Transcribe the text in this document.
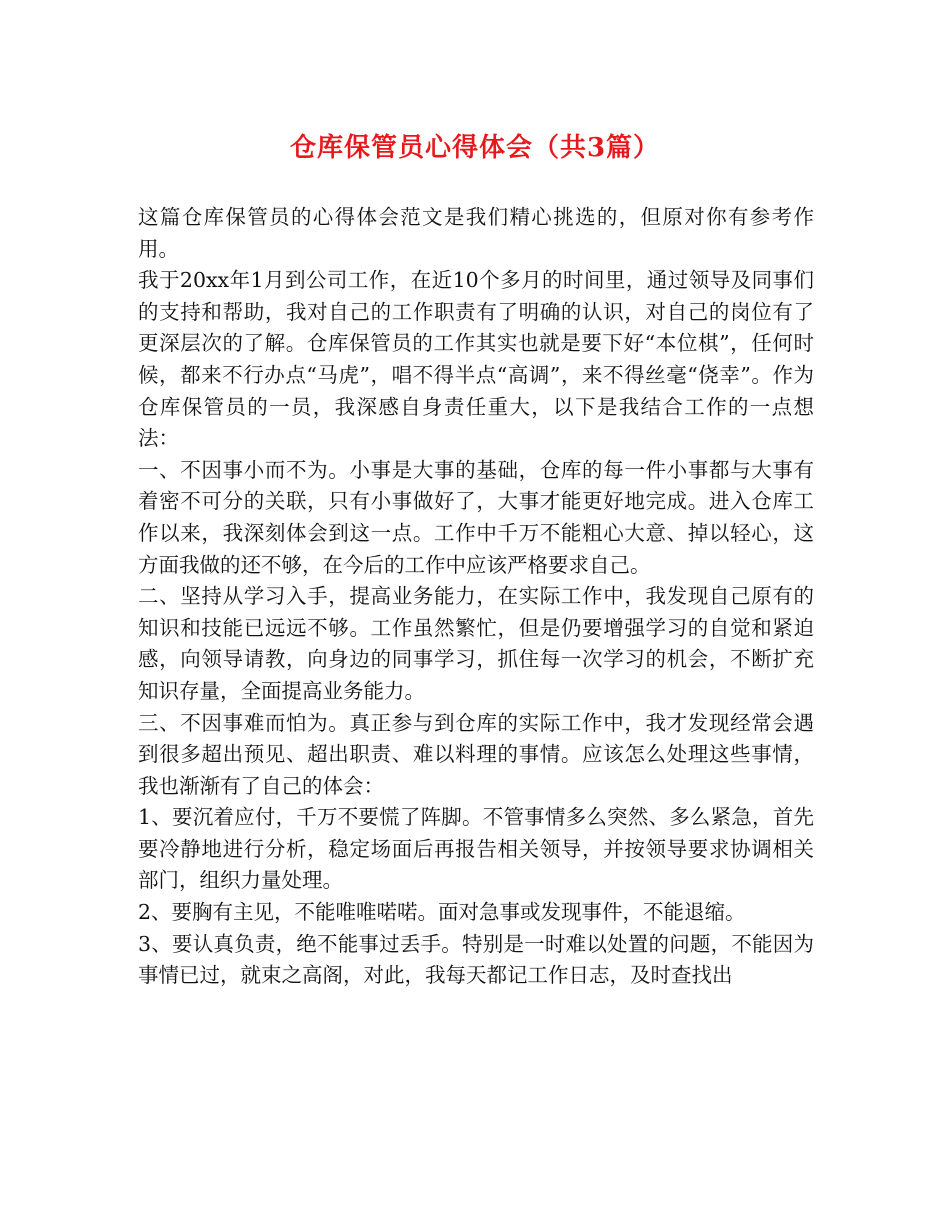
仓库保管员心得体会（共3篇）

这篇仓库保管员的心得体会范文是我们精心挑选的，但原对你有参考作用。

我于20xx年1月到公司工作，在近10个多月的时间里，通过领导及同事们的支持和帮助，我对自己的工作职责有了明确的认识，对自己的岗位有了更深层次的了解。仓库保管员的工作其实也就是要下好“本位棋”，任何时候，都来不行办点“马虎”，唱不得半点“高调”，来不得丝毫“侥幸”。作为仓库保管员的一员，我深感自身责任重大，以下是我结合工作的一点想法：

一、不因事小而不为。小事是大事的基础，仓库的每一件小事都与大事有着密不可分的关联，只有小事做好了，大事才能更好地完成。进入仓库工作以来，我深刻体会到这一点。工作中千万不能粗心大意、掉以轻心，这方面我做的还不够，在今后的工作中应该严格要求自己。

二、坚持从学习入手，提高业务能力，在实际工作中，我发现自己原有的知识和技能已远远不够。工作虽然繁忙，但是仍要增强学习的自觉和紧迫感，向领导请教，向身边的同事学习，抓住每一次学习的机会，不断扩充知识存量，全面提高业务能力。

三、不因事难而怕为。真正参与到仓库的实际工作中，我才发现经常会遇到很多超出预见、超出职责、难以料理的事情。应该怎么处理这些事情，我也渐渐有了自己的体会：

1、要沉着应付，千万不要慌了阵脚。不管事情多么突然、多么紧急，首先要冷静地进行分析，稳定场面后再报告相关领导，并按领导要求协调相关部门，组织力量处理。

2、要胸有主见，不能唯唯喏喏。面对急事或发现事件，不能退缩。

3、要认真负责，绝不能事过丢手。特别是一时难以处置的问题，不能因为事情已过，就束之高阁，对此，我每天都记工作日志，及时查找出
